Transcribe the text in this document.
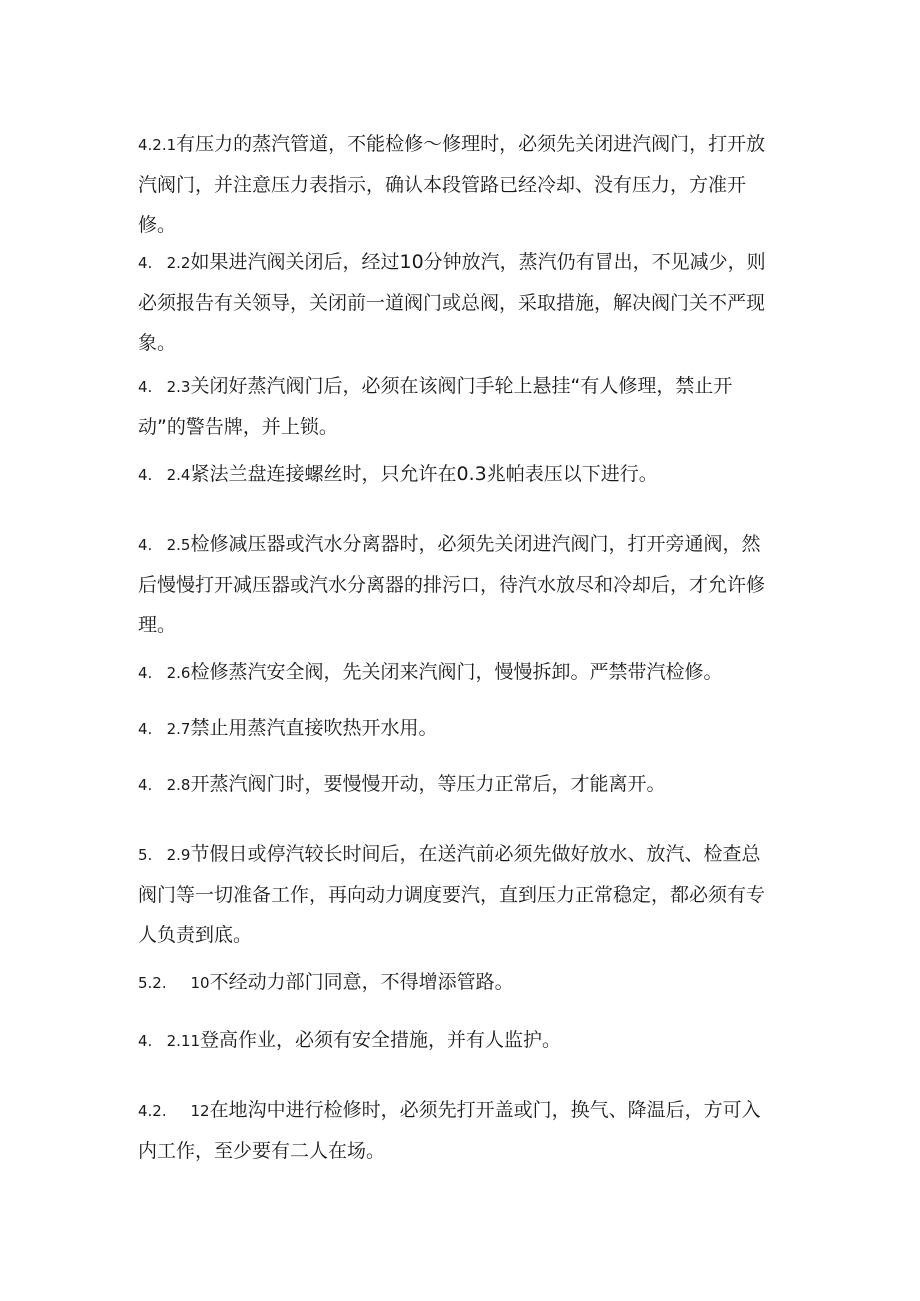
4.2.1有压力的蒸汽管道，不能检修～修理时，必须先关闭进汽阀门，打开放汽阀门，并注意压力表指示，确认本段管路已经冷却、没有压力，方准开修。

4.   2.2如果进汽阀关闭后，经过10分钟放汽，蒸汽仍有冒出，不见减少，则必须报告有关领导，关闭前一道阀门或总阀，采取措施，解决阀门关不严现象。

4.   2.3关闭好蒸汽阀门后，必须在该阀门手轮上悬挂“有人修理，禁止开动”的警告牌，并上锁。

4.   2.4紧法兰盘连接螺丝时，只允许在0.3兆帕表压以下进行。

4.   2.5检修减压器或汽水分离器时，必须先关闭进汽阀门，打开旁通阀，然后慢慢打开减压器或汽水分离器的排污口，待汽水放尽和冷却后，才允许修理。

4.   2.6检修蒸汽安全阀，先关闭来汽阀门，慢慢拆卸。严禁带汽检修。

4.   2.7禁止用蒸汽直接吹热开水用。

4.   2.8开蒸汽阀门时，要慢慢开动，等压力正常后，才能离开。

5.   2.9节假日或停汽较长时间后，在送汽前必须先做好放水、放汽、检查总阀门等一切准备工作，再向动力调度要汽，直到压力正常稳定，都必须有专人负责到底。

5.2.     10不经动力部门同意，不得增添管路。

4.   2.11登高作业，必须有安全措施，并有人监护。

4.2.     12在地沟中进行检修时，必须先打开盖或门，换气、降温后，方可入内工作，至少要有二人在场。
